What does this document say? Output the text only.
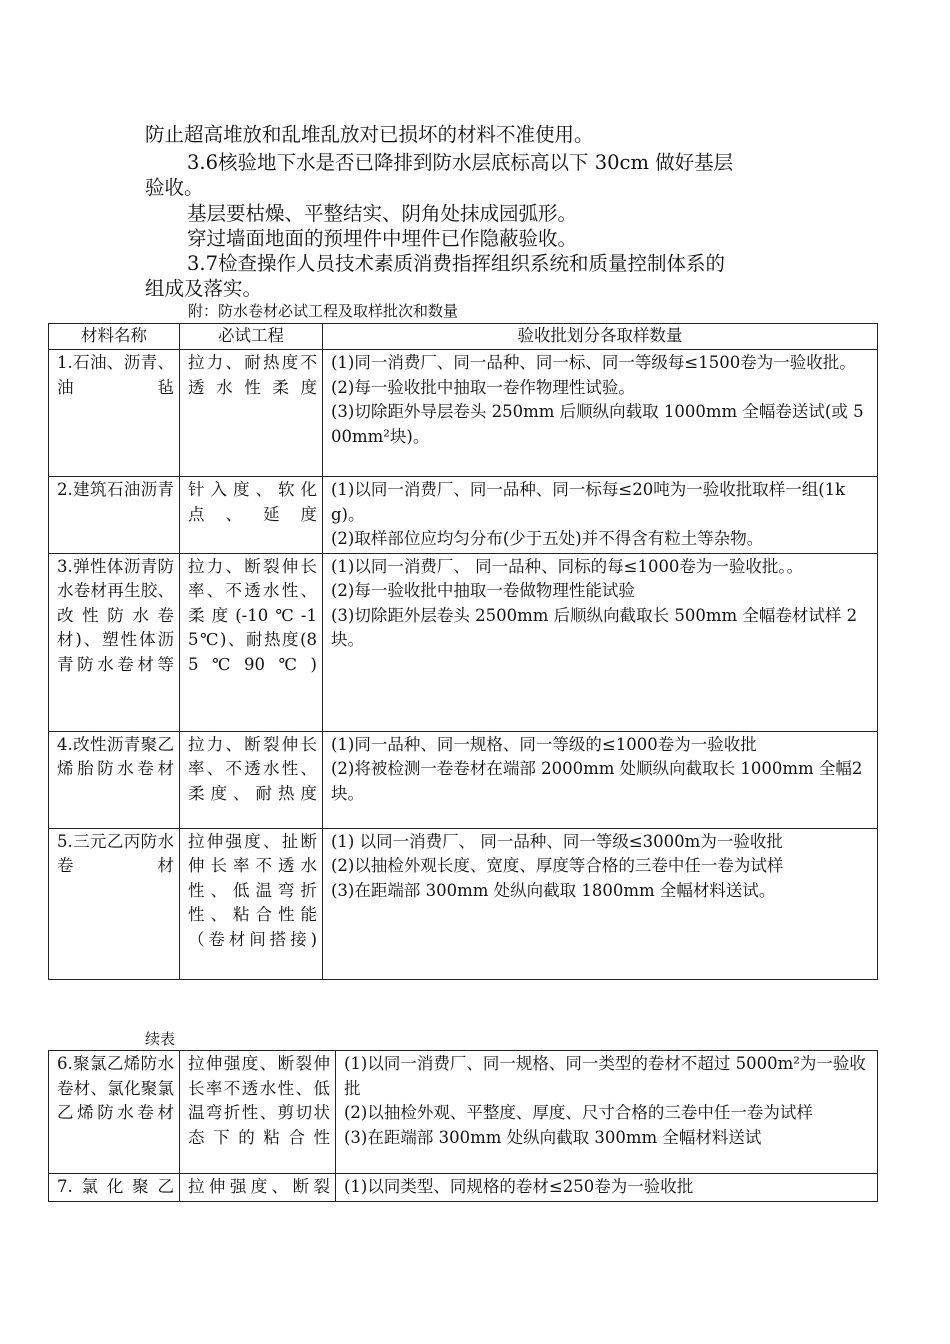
防止超高堆放和乱堆乱放对已损坏的材料不准使用。

3.6核验地下水是否已降排到防水层底标高以下 30cm 做好基层

验收。

基层要枯燥、平整结实、阴角处抹成园弧形。

穿过墙面地面的预埋件中埋件已作隐蔽验收。

3.7检查操作人员技术素质消费指挥组织系统和质量控制体系的

组成及落实。

附：防水卷材必试工程及取样批次和数量

材料名称	必试工程	验收批划分各取样数量
1.石油、沥青、油毡	拉力、耐热度不透水性柔度	(1)同一消费厂、同一品种、同一标、同一等级每≤1500卷为一验收批。
(2)每一验收批中抽取一卷作物理性试验。
(3)切除距外导层卷头 250mm 后顺纵向载取 1000mm 全幅卷送试(或 500mm²块)。

2.建筑石油沥青	针入度、软化点、延度	(1)以同一消费厂、同一品种、同一标每≤20吨为一验收批取样一组(1kg)。
(2)取样部位应均匀分布(少于五处)并不得含有粒土等杂物。

3.弹性体沥青防水卷材再生胶、改性防水卷材)、塑性体沥青防水卷材等	拉力、断裂伸长率、不透水性、柔度(-10℃-15℃)、耐热度(85℃90℃)	(1)以同一消费厂、 同一品种、同标的每≤1000卷为一验收批。。
(2)每一验收批中抽取一卷做物理性能试验
(3)切除距外层卷头 2500mm 后顺纵向截取长 500mm 全幅卷材试样 2块。

4.改性沥青聚乙烯胎防水卷材	拉力、断裂伸长率、不透水性、柔度、耐热度	(1)同一品种、同一规格、同一等级的≤1000卷为一验收批
(2)将被检测一卷卷材在端部 2000mm 处顺纵向截取长 1000mm 全幅2块。

5.三元乙丙防水卷材	拉伸强度、扯断伸长率不透水性、低温弯折性、粘合性能（卷材间搭接)	(1) 以同一消费厂、 同一品种、同一等级≤3000m为一验收批
(2)以抽检外观长度、宽度、厚度等合格的三卷中任一卷为试样
(3)在距端部 300mm 处纵向截取 1800mm 全幅材料送试。

续表

6.聚氯乙烯防水卷材、氯化聚氯乙烯防水卷材	拉伸强度、断裂伸长率不透水性、低温弯折性、剪切状态下的粘合性	(1)以同一消费厂、同一规格、同一类型的卷材不超过 5000m²为一验收批
(2)以抽检外观、平整度、厚度、尺寸合格的三卷中任一卷为试样
(3)在距端部 300mm 处纵向截取 300mm 全幅材料送试

7.氯化聚乙	拉伸强度、断裂	(1)以同类型、同规格的卷材≤250卷为一验收批
